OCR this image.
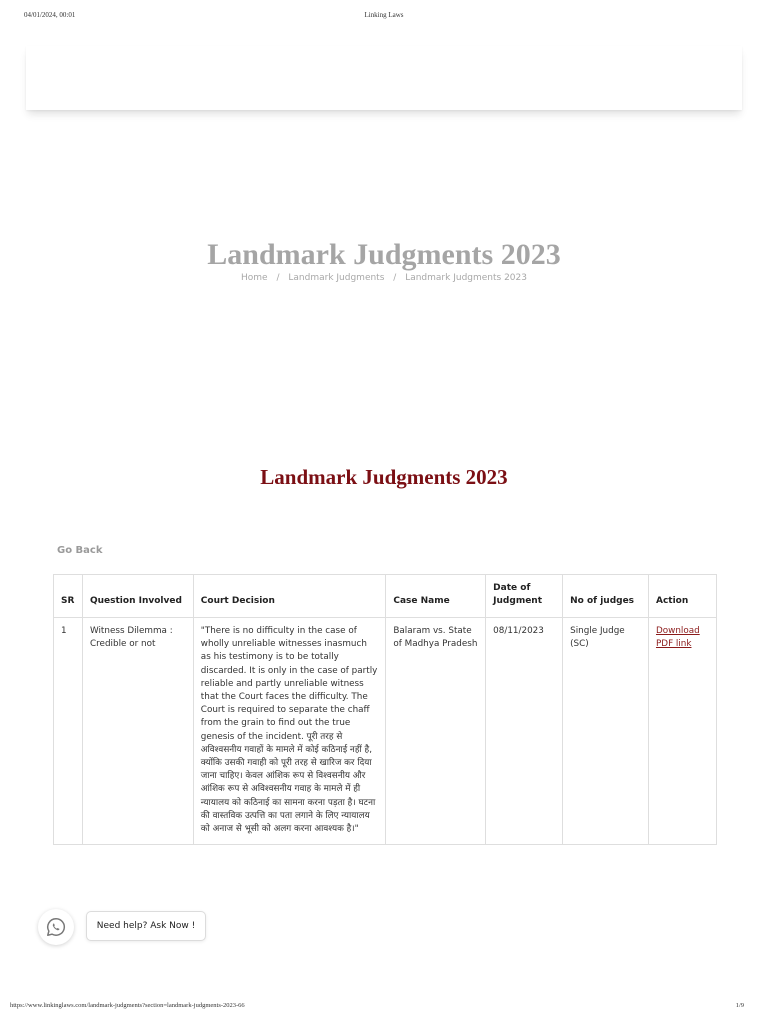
04/01/2024, 00:01	Linking Laws
Landmark Judgments 2023
Home / Landmark Judgments / Landmark Judgments 2023
Landmark Judgments 2023
Go Back
SR	Question Involved	Court Decision	Case Name	Date of Judgment	No of judges	Action
1	Witness Dilemma : Credible or not	"There is no difficulty in the case of wholly unreliable witnesses inasmuch as his testimony is to be totally discarded. It is only in the case of partly reliable and partly unreliable witness that the Court faces the difficulty. The Court is required to separate the chaff from the grain to find out the true genesis of the incident. पूरी तरह से अविश्वसनीय गवाहों के मामले में कोई कठिनाई नहीं है, क्योंकि उसकी गवाही को पूरी तरह से खारिज कर दिया जाना चाहिए। केवल आंशिक रूप से विश्वसनीय और आंशिक रूप से अविश्वसनीय गवाह के मामले में ही न्यायालय को कठिनाई का सामना करना पड़ता है। घटना की वास्तविक उत्पत्ति का पता लगाने के लिए न्यायालय को अनाज से भूसी को अलग करना आवश्यक है।"	Balaram vs. State of Madhya Pradesh	08/11/2023	Single Judge (SC)	Download PDF link
Need help? Ask Now !
https://www.linkinglaws.com/landmark-judgments?section=landmark-judgments-2023-66	1/9
